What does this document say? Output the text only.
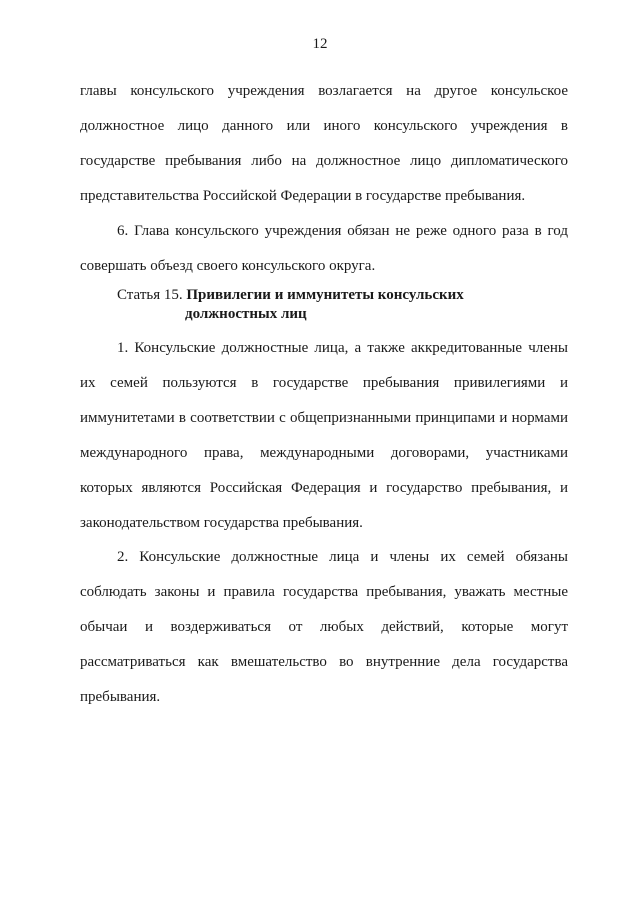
12
главы консульского учреждения возлагается на другое консульское
должностное лицо данного или иного консульского учреждения в
государстве пребывания либо на должностное лицо дипломатического
представительства Российской Федерации в государстве пребывания.
6. Глава консульского учреждения обязан не реже одного раза в год
совершать объезд своего консульского округа.
Статья 15. Привилегии и иммунитеты консульских
должностных лиц
1. Консульские должностные лица, а также аккредитованные члены
их семей пользуются в государстве пребывания привилегиями и
иммунитетами в соответствии с общепризнанными принципами и нормами
международного права, международными договорами, участниками
которых являются Российская Федерация и государство пребывания, и
законодательством государства пребывания.
2. Консульские должностные лица и члены их семей обязаны
соблюдать законы и правила государства пребывания, уважать местные
обычаи и воздерживаться от любых действий, которые могут
рассматриваться как вмешательство во внутренние дела государства
пребывания.
